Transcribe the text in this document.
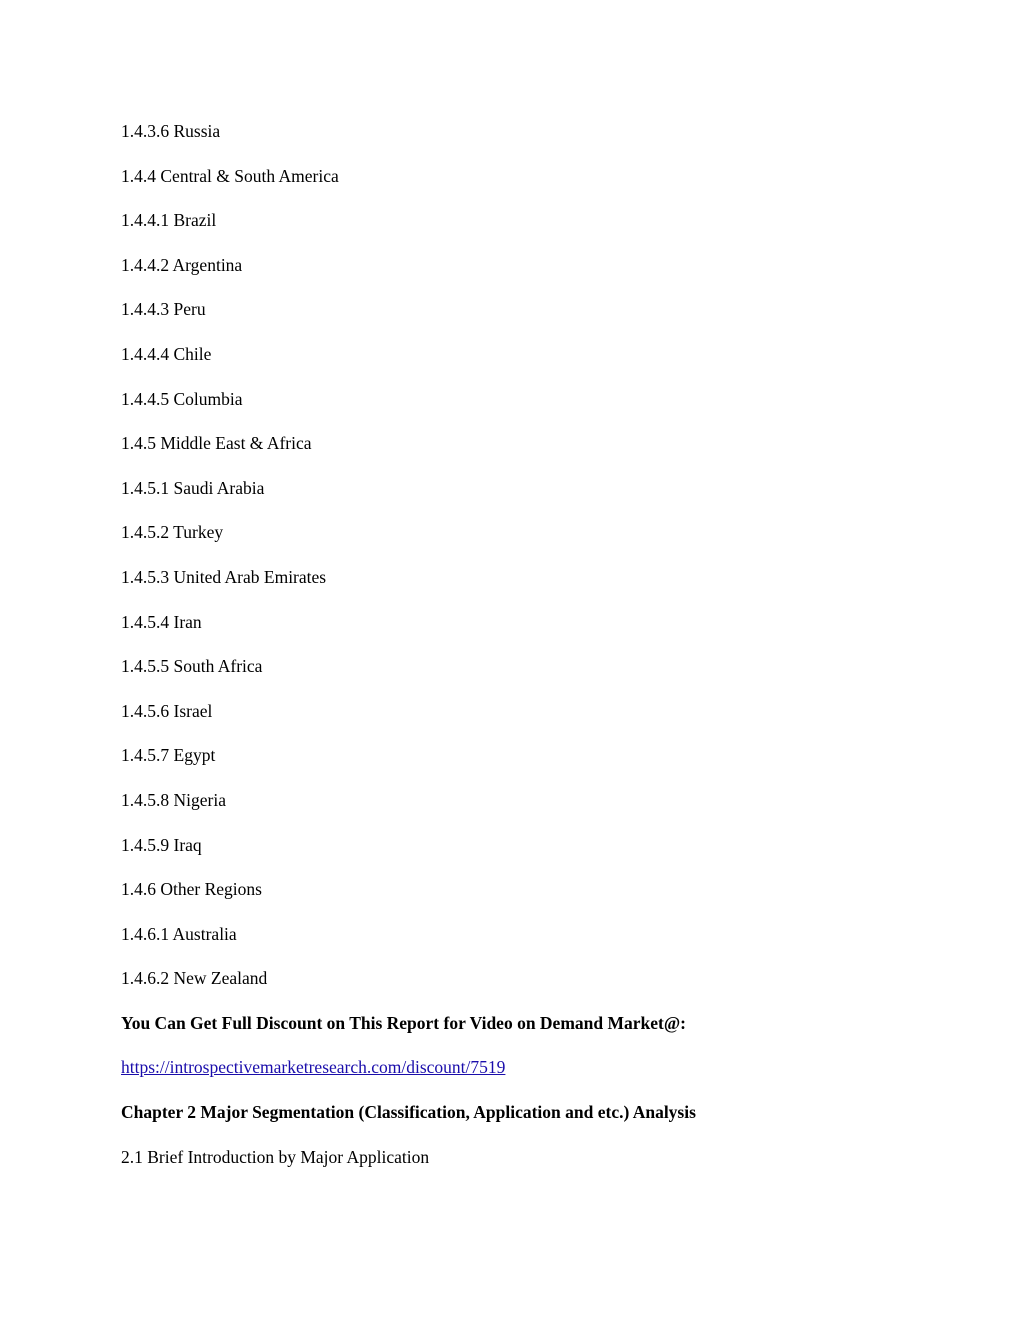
1.4.3.6 Russia
1.4.4 Central & South America
1.4.4.1 Brazil
1.4.4.2 Argentina
1.4.4.3 Peru
1.4.4.4 Chile
1.4.4.5 Columbia
1.4.5 Middle East & Africa
1.4.5.1 Saudi Arabia
1.4.5.2 Turkey
1.4.5.3 United Arab Emirates
1.4.5.4 Iran
1.4.5.5 South Africa
1.4.5.6 Israel
1.4.5.7 Egypt
1.4.5.8 Nigeria
1.4.5.9 Iraq
1.4.6 Other Regions
1.4.6.1 Australia
1.4.6.2 New Zealand
You Can Get Full Discount on This Report for Video on Demand Market@:
https://introspectivemarketresearch.com/discount/7519
Chapter 2 Major Segmentation (Classification, Application and etc.) Analysis
2.1 Brief Introduction by Major Application
